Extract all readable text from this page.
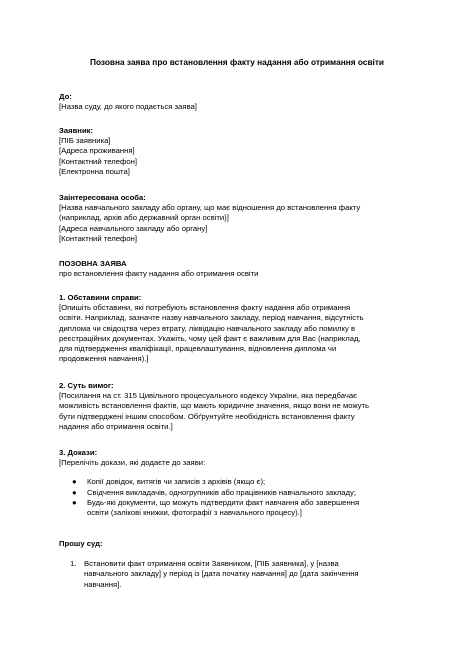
Позовна заява про встановлення факту надання або отримання освіти

До:

[Назва суду, до якого подається заява]

Заявник:

[ПІБ заявника]

[Адреса проживання]

[Контактний телефон]

[Електронна пошта]

Заінтересована особа:

[Назва навчального закладу або органу, що має відношення до встановлення факту

(наприклад, архів або державний орган освіти)]

[Адреса навчального закладу або органу]

[Контактний телефон]

ПОЗОВНА ЗАЯВА

про встановлення факту надання або отримання освіти

1. Обставини справи:

[Опишіть обставини, які потребують встановлення факту надання або отримання

освіти. Наприклад, зазначте назву навчального закладу, період навчання, відсутність

диплома чи свідоцтва через втрату, ліквідацію навчального закладу або помилку в

реєстраційних документах. Укажіть, чому цей факт є важливим для Вас (наприклад,

для підтвердження кваліфікації, працевлаштування, відновлення диплома чи

продовження навчання).]

2. Суть вимог:

[Посилання на ст. 315 Цивільного процесуального кодексу України, яка передбачає

можливість встановлення фактів, що мають юридичне значення, якщо вони не можуть

бути підтверджені іншим способом. Обґрунтуйте необхідність встановлення факту

надання або отримання освіти.]

3. Докази:

[Перелічіть докази, які додаєте до заяви:

● Копії довідок, витягів чи записів з архівів (якщо є);

● Свідчення викладачів, одногрупників або працівників навчального закладу;

● Будь-які документи, що можуть підтвердити факт навчання або завершення

освіти (залікові книжки, фотографії з навчального процесу).]

Прошу суд:

1. Встановити факт отримання освіти Заявником, [ПІБ заявника], у [назва

навчального закладу] у період із [дата початку навчання] до [дата закінчення

навчання].
